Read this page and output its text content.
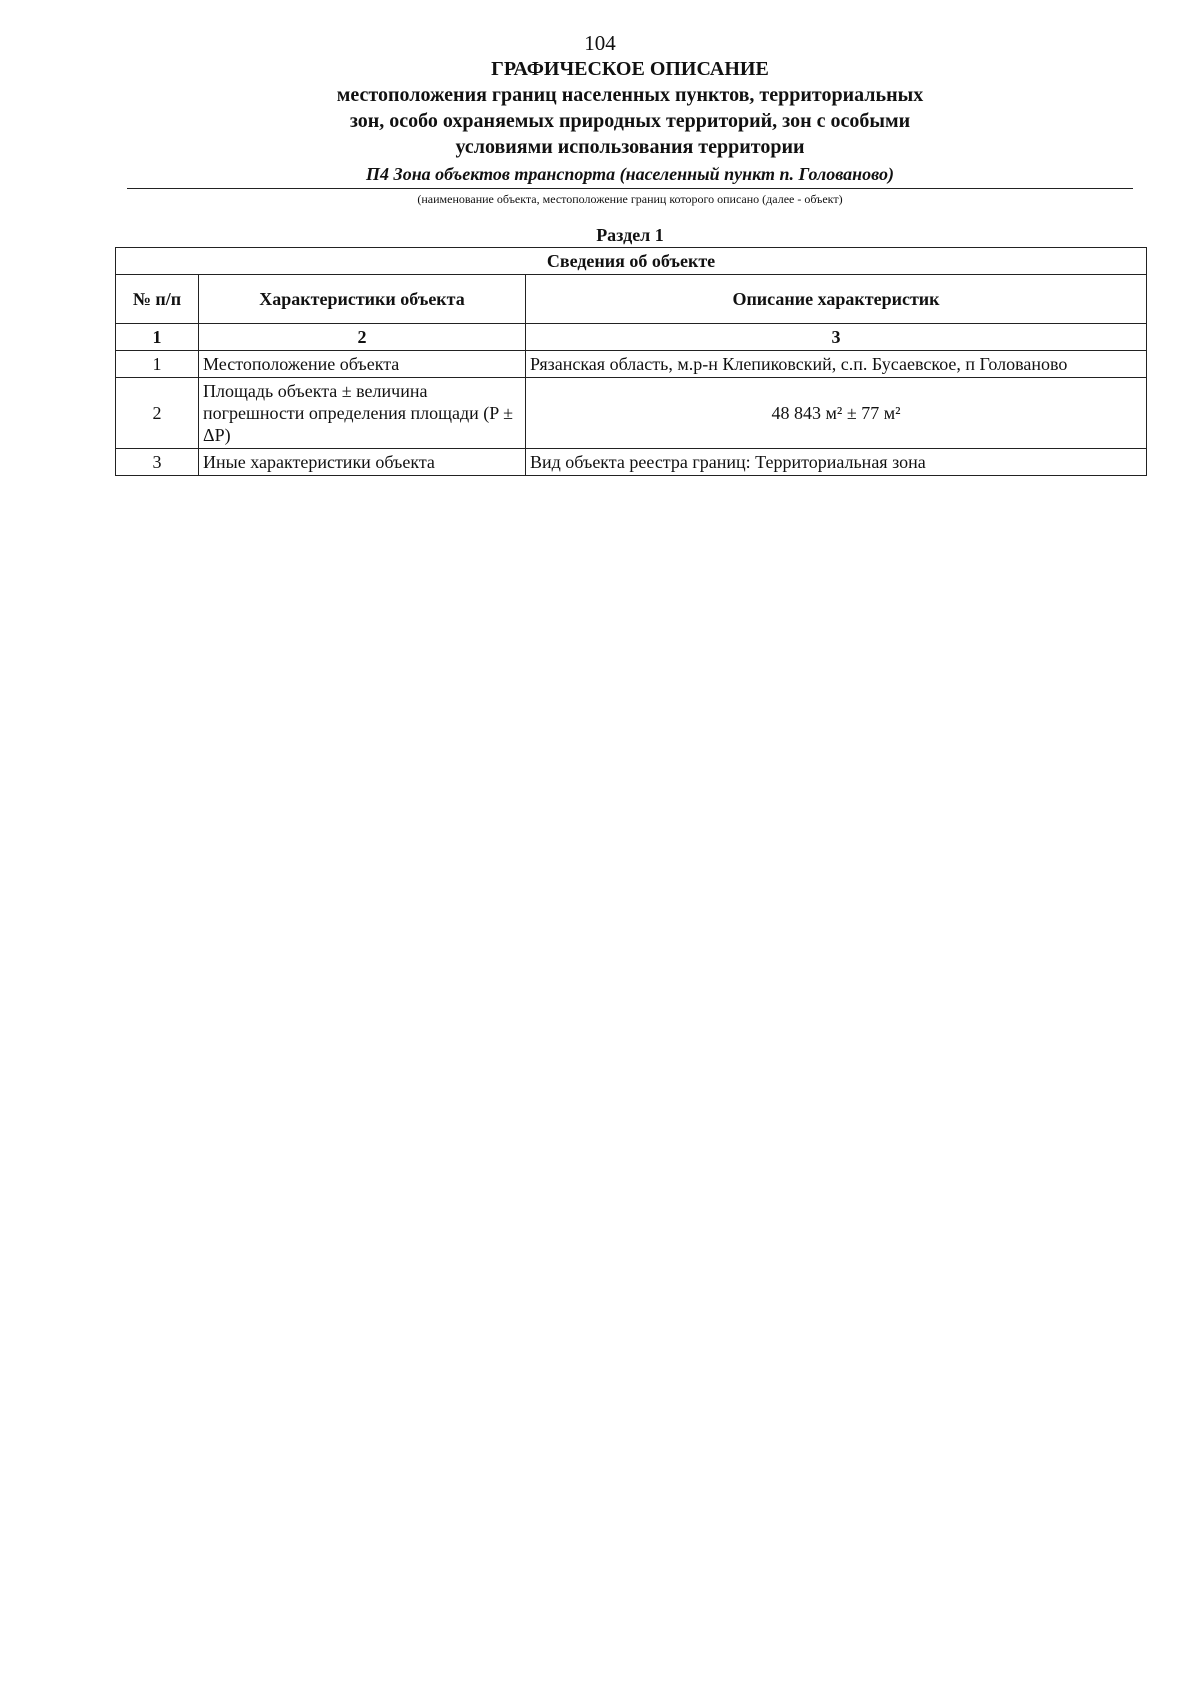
104
ГРАФИЧЕСКОЕ ОПИСАНИЕ
местоположения границ населенных пунктов, территориальных
зон, особо охраняемых природных территорий, зон с особыми
условиями использования территории
П4 Зона объектов транспорта (населенный пункт п. Голованово)
(наименование объекта, местоположение границ которого описано (далее - объект)
Раздел 1
Сведения об объекте		
№ п/п	Характеристики объекта	Описание характеристик
1	2	3
1	Местоположение объекта	Рязанская область, м.р-н Клепиковский, с.п. Бусаевское, п Голованово
2	Площадь объекта ± величина погрешности определения площади (P ± ΔP)	48 843 м² ± 77 м²
3	Иные характеристики объекта	Вид объекта реестра границ: Территориальная зона
